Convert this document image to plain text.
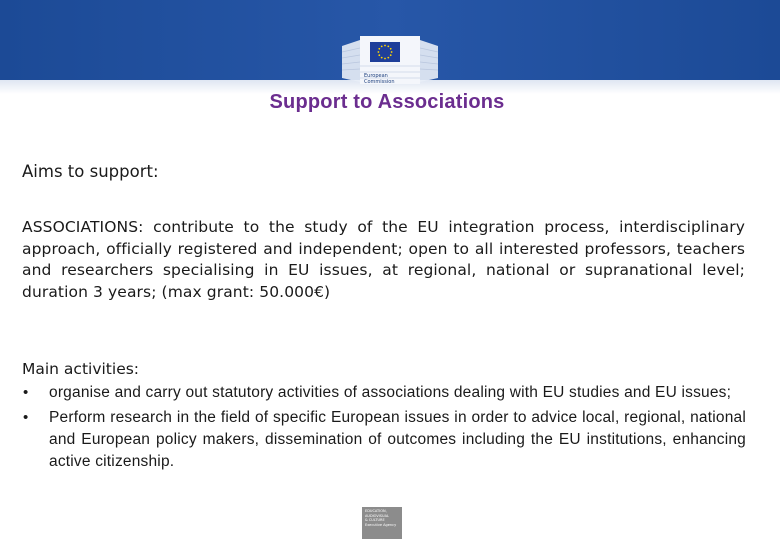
European
Commission
Support to Associations
Aims to support:
ASSOCIATIONS: contribute to the study of the EU integration process, interdisciplinary approach, officially registered and independent; open to all interested professors, teachers and researchers specialising in EU issues, at regional, national or supranational level; duration 3 years; (max grant: 50.000€)
Main activities:
• organise and carry out statutory activities of associations dealing with EU studies and EU issues;
• Perform research in the field of specific European issues in order to advice local, regional, national and European policy makers, dissemination of outcomes including the EU institutions, enhancing active citizenship.
EDUCATION,
AUDIOVISUAL
& CULTURE
Executive Agency
